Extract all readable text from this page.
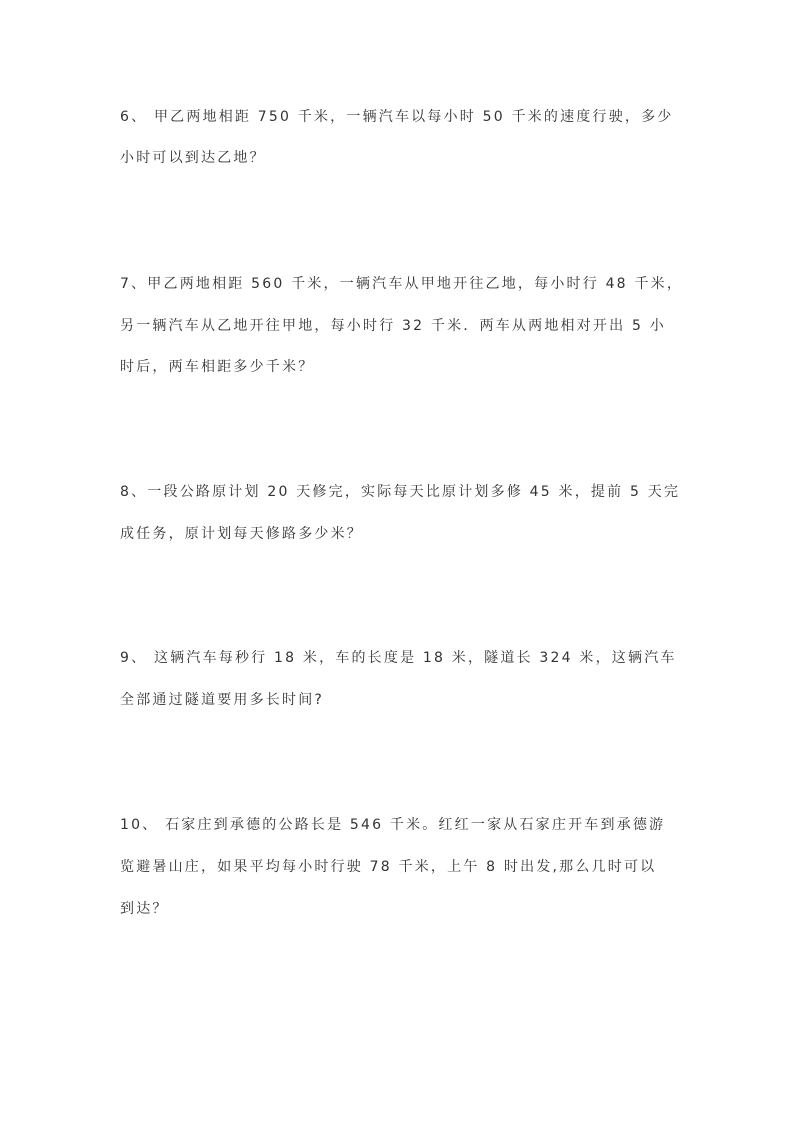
6、 甲乙两地相距 750 千米，一辆汽车以每小时 50 千米的速度行驶，多少
小时可以到达乙地？
7、甲乙两地相距 560 千米，一辆汽车从甲地开往乙地，每小时行 48 千米，
另一辆汽车从乙地开往甲地，每小时行 32 千米．两车从两地相对开出 5 小
时后，两车相距多少千米？
8、一段公路原计划 20 天修完，实际每天比原计划多修 45 米，提前 5 天完
成任务，原计划每天修路多少米？
9、 这辆汽车每秒行 18 米，车的长度是 18 米，隧道长 324 米，这辆汽车
全部通过隧道要用多长时间?
10、 石家庄到承德的公路长是 546 千米。红红一家从石家庄开车到承德游
览避暑山庄，如果平均每小时行驶 78 千米，上午 8 时出发,那么几时可以
到达？
